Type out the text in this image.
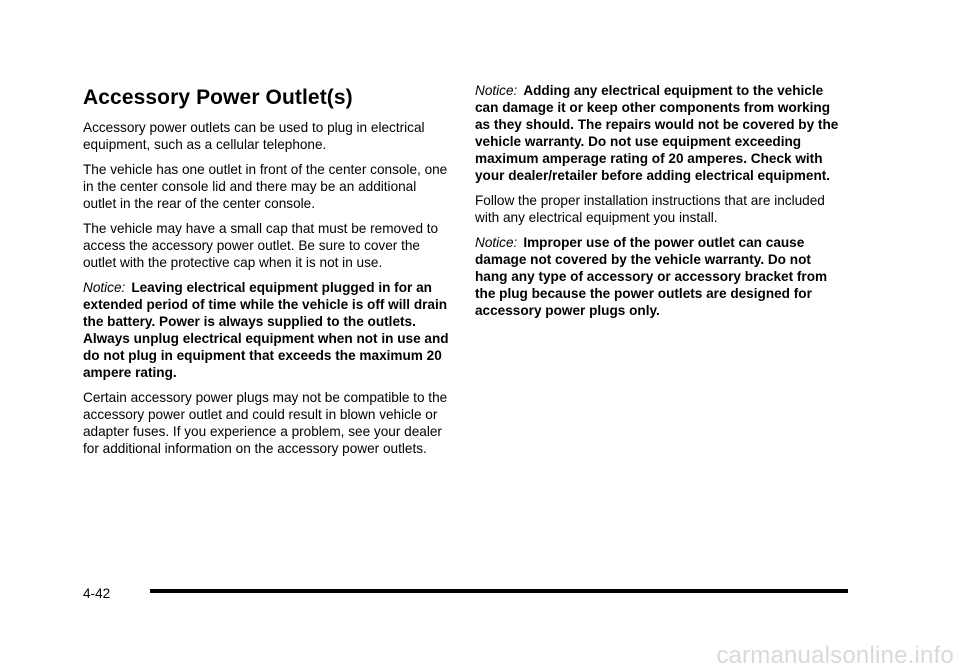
Accessory Power Outlet(s)

Accessory power outlets can be used to plug in electrical equipment, such as a cellular telephone.

The vehicle has one outlet in front of the center console, one in the center console lid and there may be an additional outlet in the rear of the center console.

The vehicle may have a small cap that must be removed to access the accessory power outlet. Be sure to cover the outlet with the protective cap when it is not in use.

Notice: Leaving electrical equipment plugged in for an extended period of time while the vehicle is off will drain the battery. Power is always supplied to the outlets. Always unplug electrical equipment when not in use and do not plug in equipment that exceeds the maximum 20 ampere rating.

Certain accessory power plugs may not be compatible to the accessory power outlet and could result in blown vehicle or adapter fuses. If you experience a problem, see your dealer for additional information on the accessory power outlets.

Notice: Adding any electrical equipment to the vehicle can damage it or keep other components from working as they should. The repairs would not be covered by the vehicle warranty. Do not use equipment exceeding maximum amperage rating of 20 amperes. Check with your dealer/retailer before adding electrical equipment.

Follow the proper installation instructions that are included with any electrical equipment you install.

Notice: Improper use of the power outlet can cause damage not covered by the vehicle warranty. Do not hang any type of accessory or accessory bracket from the plug because the power outlets are designed for accessory power plugs only.

4-42
carmanualsonline.info
